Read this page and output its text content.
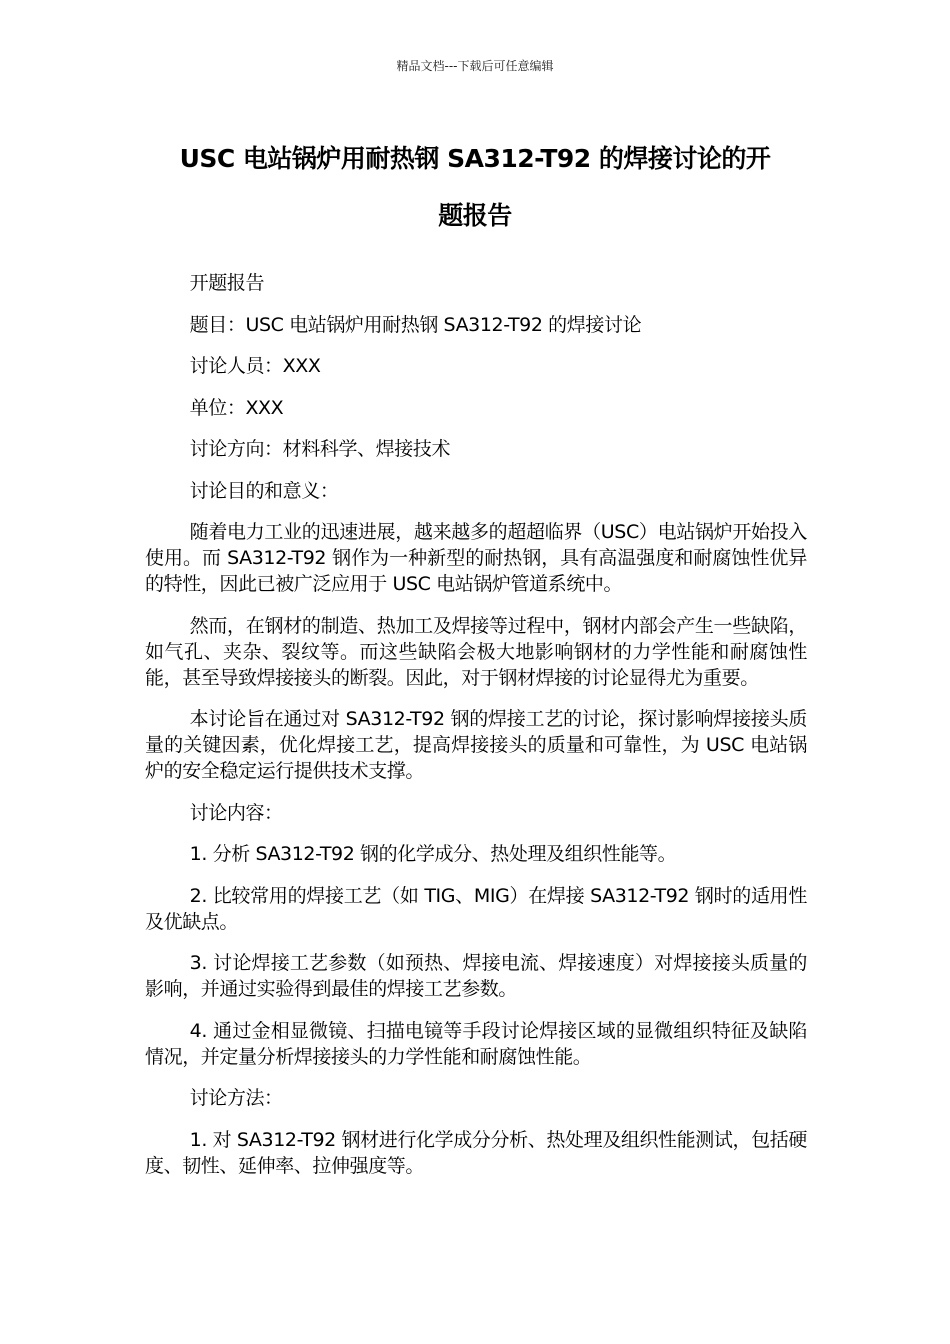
精品文档---下载后可任意编辑
USC 电站锅炉用耐热钢 SA312-T92 的焊接讨论的开
题报告

开题报告

题目：USC 电站锅炉用耐热钢 SA312-T92 的焊接讨论

讨论人员：XXX

单位：XXX

讨论方向：材料科学、焊接技术

讨论目的和意义：

随着电力工业的迅速进展，越来越多的超超临界（USC）电站锅炉开始投入使用。而 SA312-T92 钢作为一种新型的耐热钢，具有高温强度和耐腐蚀性优异的特性，因此已被广泛应用于 USC 电站锅炉管道系统中。

然而，在钢材的制造、热加工及焊接等过程中，钢材内部会产生一些缺陷，如气孔、夹杂、裂纹等。而这些缺陷会极大地影响钢材的力学性能和耐腐蚀性能，甚至导致焊接接头的断裂。因此，对于钢材焊接的讨论显得尤为重要。

本讨论旨在通过对 SA312-T92 钢的焊接工艺的讨论，探讨影响焊接接头质量的关键因素，优化焊接工艺，提高焊接接头的质量和可靠性，为 USC 电站锅炉的安全稳定运行提供技术支撑。

讨论内容：

1. 分析 SA312-T92 钢的化学成分、热处理及组织性能等。

2. 比较常用的焊接工艺（如 TIG、MIG）在焊接 SA312-T92 钢时的适用性及优缺点。

3. 讨论焊接工艺参数（如预热、焊接电流、焊接速度）对焊接接头质量的影响，并通过实验得到最佳的焊接工艺参数。

4. 通过金相显微镜、扫描电镜等手段讨论焊接区域的显微组织特征及缺陷情况，并定量分析焊接接头的力学性能和耐腐蚀性能。

讨论方法：

1. 对 SA312-T92 钢材进行化学成分分析、热处理及组织性能测试，包括硬度、韧性、延伸率、拉伸强度等。
